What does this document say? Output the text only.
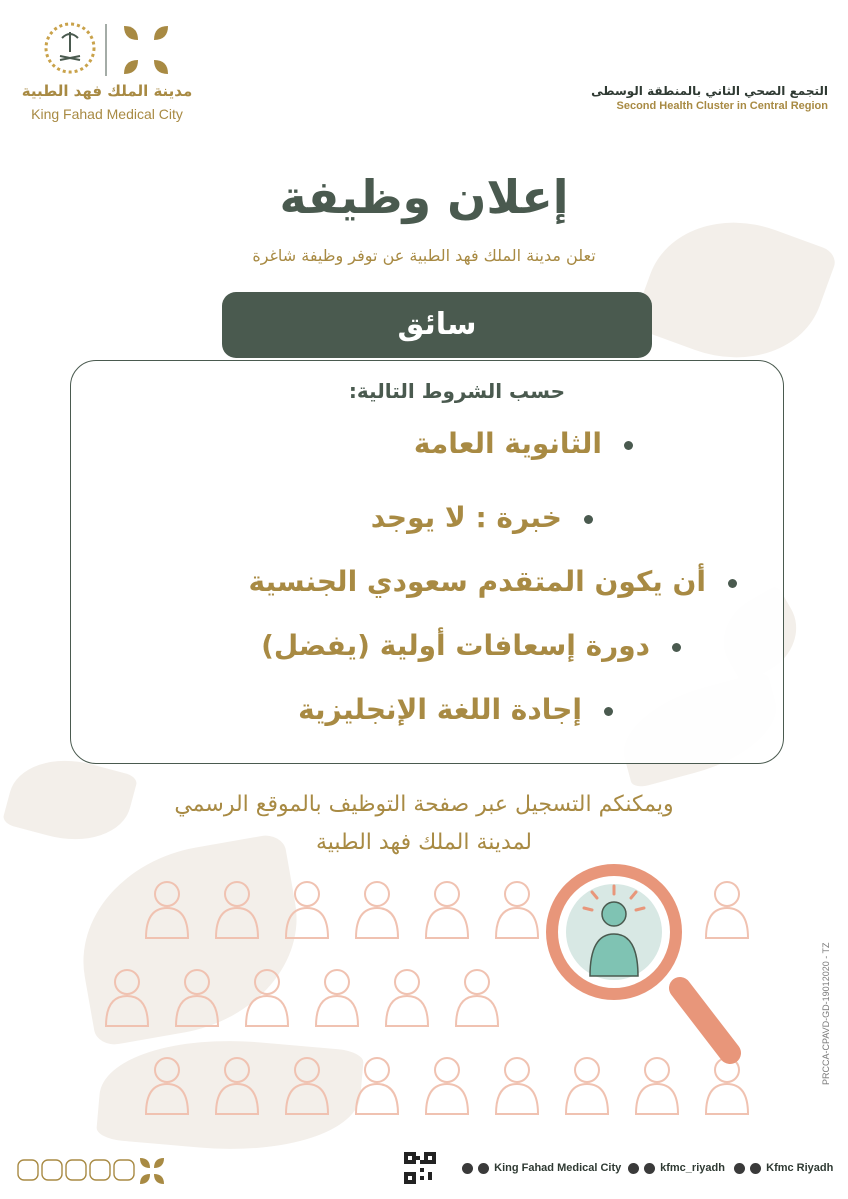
مدينة الملك فهد الطبية
King Fahad Medical City
التجمع الصحي الثاني بالمنطقة الوسطى
Second Health Cluster in Central Region
إعلان وظيفة
تعلن مدينة الملك فهد الطبية عن توفر وظيفة شاغرة
سائق
حسب الشروط التالية:
الثانوية العامة
خبرة : لا يوجد
أن يكون المتقدم سعودي الجنسية
دورة إسعافات أولية (يفضل)
إجادة اللغة الإنجليزية
ويمكنكم التسجيل عبر صفحة التوظيف بالموقع الرسمي
لمدينة الملك فهد الطبية
PRCCA-CPAVD-GD-19012020 - TZ
King Fahad Medical City	kfmc_riyadh	Kfmc Riyadh
